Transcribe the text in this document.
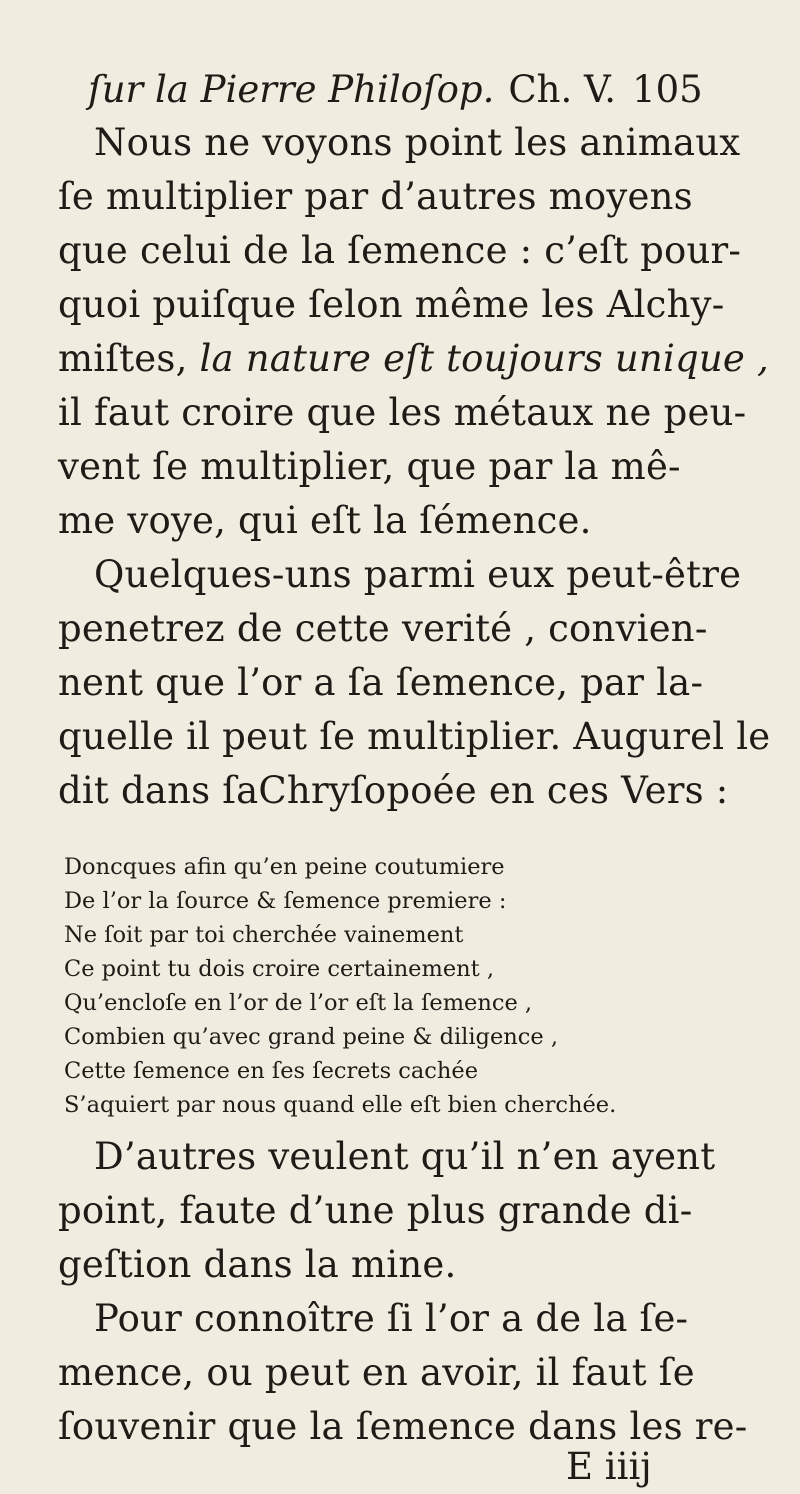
ſur la Pierre Philoſop. Ch. V. 105
Nous ne voyons point les animaux
ſe multiplier par d’autres moyens
que celui de la ſemence : c’eſt pour-
quoi puiſque ſelon même les Alchy-
miſtes, la nature eſt toujours unique ,
il faut croire que les métaux ne peu-
vent ſe multiplier, que par la mê-
me voye, qui eſt la ſémence.
Quelques-uns parmi eux peut-être
penetrez de cette verité , convien-
nent que l’or a ſa ſemence, par la-
quelle il peut ſe multiplier. Augurel le
dit dans ſaChryſopoée en ces Vers :
Doncques afin qu’en peine coutumiere
De l’or la ſource & ſemence premiere :
Ne ſoit par toi cherchée vainement
Ce point tu dois croire certainement ,
Qu’encloſe en l’or de l’or eſt la ſemence ,
Combien qu’avec grand peine & diligence ,
Cette ſemence en ſes ſecrets cachée
S’aquiert par nous quand elle eſt bien cherchée.
D’autres veulent qu’il n’en ayent
point, faute d’une plus grande di-
geſtion dans la mine.
Pour connoître ſi l’or a de la ſe-
mence, ou peut en avoir, il faut ſe
ſouvenir que la ſemence dans les re-
E iiij
